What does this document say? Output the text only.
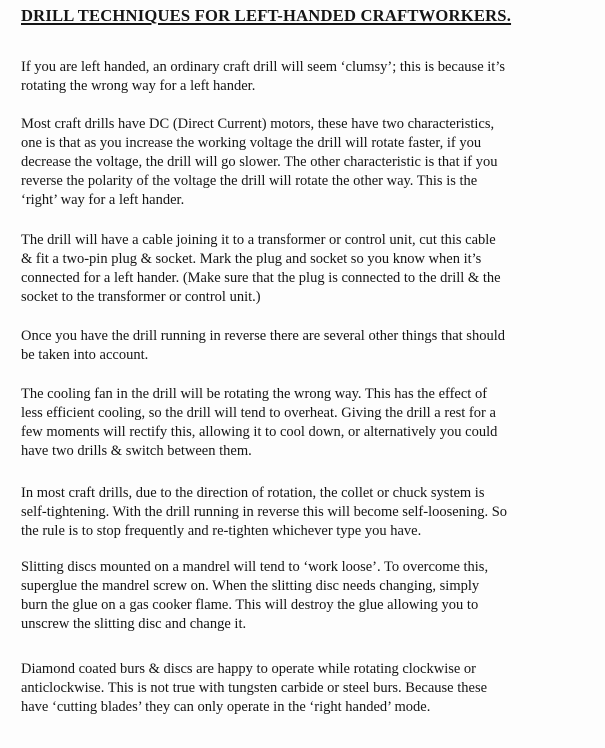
DRILL TECHNIQUES FOR LEFT-HANDED CRAFTWORKERS.

If you are left handed, an ordinary craft drill will seem ‘clumsy’; this is because it’s
rotating the wrong way for a left hander.

Most craft drills have DC (Direct Current) motors, these have two characteristics,
one is that as you increase the working voltage the drill will rotate faster, if you
decrease the voltage, the drill will go slower. The other characteristic is that if you
reverse the polarity of the voltage the drill will rotate the other way. This is the
‘right’ way for a left hander.

The drill will have a cable joining it to a transformer or control unit, cut this cable
& fit a two-pin plug & socket. Mark the plug and socket so you know when it’s
connected for a left hander. (Make sure that the plug is connected to the drill & the
socket to the transformer or control unit.)

Once you have the drill running in reverse there are several other things that should
be taken into account.

The cooling fan in the drill will be rotating the wrong way. This has the effect of
less efficient cooling, so the drill will tend to overheat. Giving the drill a rest for a
few moments will rectify this, allowing it to cool down, or alternatively you could
have two drills & switch between them.

In most craft drills, due to the direction of rotation, the collet or chuck system is
self-tightening. With the drill running in reverse this will become self-loosening. So
the rule is to stop frequently and re-tighten whichever type you have.

Slitting discs mounted on a mandrel will tend to ‘work loose’. To overcome this,
superglue the mandrel screw on. When the slitting disc needs changing, simply
burn the glue on a gas cooker flame. This will destroy the glue allowing you to
unscrew the slitting disc and change it.

Diamond coated burs & discs are happy to operate while rotating clockwise or
anticlockwise. This is not true with tungsten carbide or steel burs. Because these
have ‘cutting blades’ they can only operate in the ‘right handed’ mode.
